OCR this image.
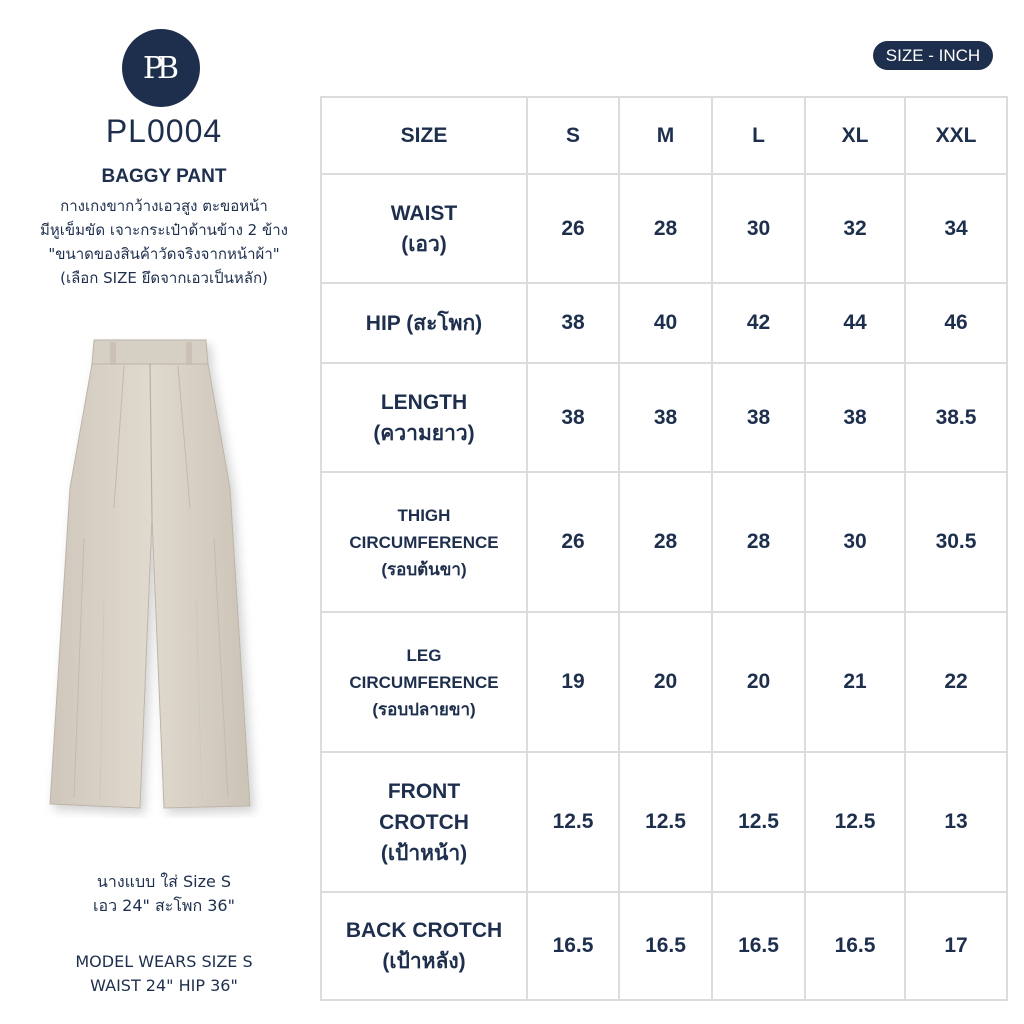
PB
PL0004
BAGGY PANT
กางเกงขากว้างเอวสูง ตะขอหน้า
มีหูเข็มขัด เจาะกระเป๋าด้านข้าง 2 ข้าง
"ขนาดของสินค้าวัดจริงจากหน้าผ้า"
(เลือก SIZE ยึดจากเอวเป็นหลัก)
นางแบบ ใส่ Size S
เอว 24" สะโพก 36"
MODEL WEARS SIZE S
WAIST 24" HIP 36"
SIZE - INCH
SIZE	S	M	L	XL	XXL

WAIST
(เอว)	26	28	30	32	34

HIP (สะโพก)	38	40	42	44	46

LENGTH
(ความยาว)	38	38	38	38	38.5

THIGH
CIRCUMFERENCE
(รอบต้นขา)	26	28	28	30	30.5

LEG
CIRCUMFERENCE
(รอบปลายขา)	19	20	20	21	22

FRONT
CROTCH
(เป้าหน้า)	12.5	12.5	12.5	12.5	13

BACK CROTCH
(เป้าหลัง)	16.5	16.5	16.5	16.5	17
